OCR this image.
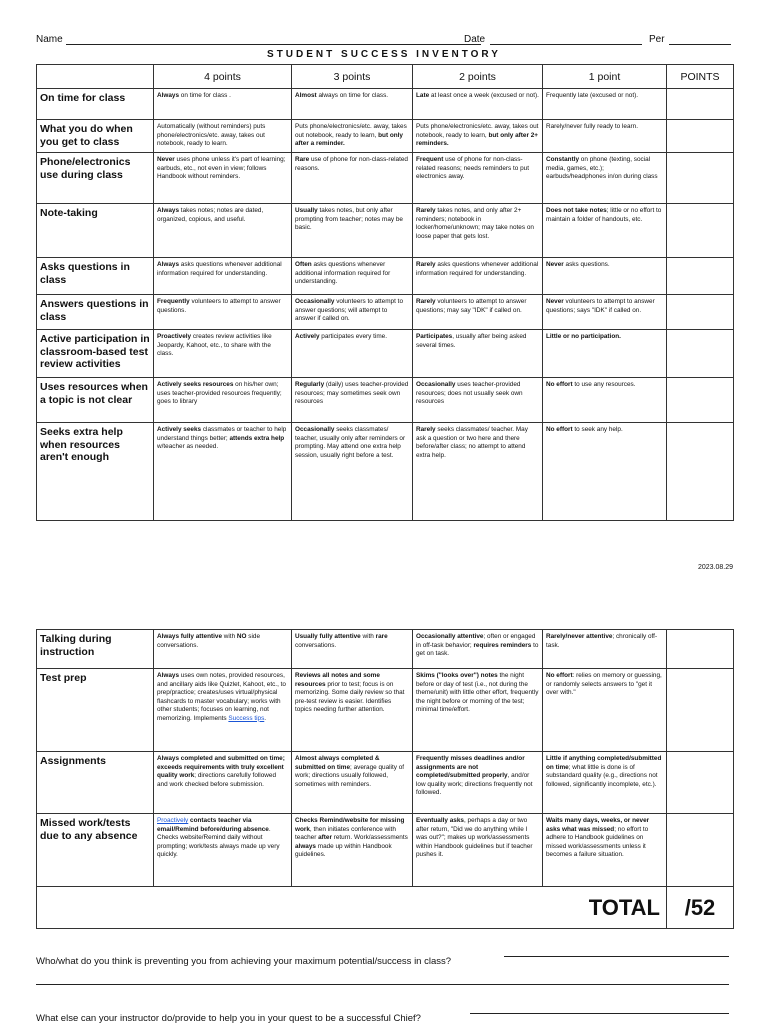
Name	Date	Per
STUDENT SUCCESS INVENTORY
	4 points	3 points	2 points	1 point	POINTS
On time for class	Always on time for class .	Almost always on time for class.	Late at least once a week (excused or not).	Frequently late (excused or not).	
What you do when you get to class	Automatically (without reminders) puts phone/electronics/etc. away, takes out notebook, ready to learn.	Puts phone/electronics/etc. away, takes out notebook, ready to learn, but only after a reminder.	Puts phone/electronics/etc. away, takes out notebook, ready to learn, but only after 2+ reminders.	Rarely/never fully ready to learn.	
Phone/electronics use during class	Never uses phone unless it's part of learning; earbuds, etc., not even in view; follows Handbook without reminders.	Rare use of phone for non-class-related reasons.	Frequent use of phone for non-class-related reasons; needs reminders to put electronics away.	Constantly on phone (texting, social media, games, etc.); earbuds/headphones in/on during class	
Note-taking	Always takes notes; notes are dated, organized, copious, and useful.	Usually takes notes, but only after prompting from teacher; notes may be basic.	Rarely takes notes, and only after 2+ reminders; notebook in locker/home/unknown; may take notes on loose paper that gets lost.	Does not take notes; little or no effort to maintain a folder of handouts, etc.	
Asks questions in class	Always asks questions whenever additional information required for understanding.	Often asks questions whenever additional information required for understanding.	Rarely asks questions whenever additional information required for understanding.	Never asks questions.	
Answers questions in class	Frequently volunteers to attempt to answer questions.	Occasionally volunteers to attempt to answer questions; will attempt to answer if called on.	Rarely volunteers to attempt to answer questions; may say "IDK" if called on.	Never volunteers to attempt to answer questions; says "IDK" if called on.	
Active participation in classroom-based test review activities	Proactively creates review activities like Jeopardy, Kahoot, etc., to share with the class.	Actively participates every time.	Participates, usually after being asked several times.	Little or no participation.	
Uses resources when a topic is not clear	Actively seeks resources on his/her own; uses teacher-provided resources frequently; goes to library	Regularly (daily) uses teacher-provided resources; may sometimes seek own resources	Occasionally uses teacher-provided resources; does not usually seek own resources	No effort to use any resources.	
Seeks extra help when resources aren't enough	Actively seeks classmates or teacher to help understand things better; attends extra help w/teacher as needed.	Occasionally seeks classmates/ teacher, usually only after reminders or prompting. May attend one extra help session, usually right before a test.	Rarely seeks classmates/ teacher. May ask a question or two here and there before/after class; no attempt to attend extra help.	No effort to seek any help.	
2023.08.29
Talking during instruction	Always fully attentive with NO side conversations.	Usually fully attentive with rare conversations.	Occasionally attentive; often or engaged in off-task behavior; requires reminders to get on task.	Rarely/never attentive; chronically off-task.	
Test prep	Always uses own notes, provided resources, and ancillary aids like Quizlet, Kahoot, etc., to prep/practice; creates/uses virtual/physical flashcards to master vocabulary; works with other students; focuses on learning, not memorizing. Implements Success tips.	Reviews all notes and some resources prior to test; focus is on memorizing. Some daily review so that pre-test review is easier. Identifies topics needing further attention.	Skims ("looks over") notes the night before or day of test (i.e., not during the theme/unit) with little other effort, frequently the night before or morning of the test; minimal time/effort.	No effort: relies on memory or guessing, or randomly selects answers to "get it over with."	
Assignments	Always completed and submitted on time; exceeds requirements with truly excellent quality work; directions carefully followed and work checked before submission.	Almost always completed & submitted on time; average quality of work; directions usually followed, sometimes with reminders.	Frequently misses deadlines and/or assignments are not completed/submitted properly, and/or low quality work; directions frequently not followed.	Little if anything completed/submitted on time; what little is done is of substandard quality (e.g., directions not followed, significantly incomplete, etc.).	
Missed work/tests due to any absence	Proactively contacts teacher via email/Remind before/during absence. Checks website/Remind daily without prompting; work/tests always made up very quickly.	Checks Remind/website for missing work, then initiates conference with teacher after return. Work/assessments always made up within Handbook guidelines.	Eventually asks, perhaps a day or two after return, "Did we do anything while I was out?"; makes up work/assessments within Handbook guidelines but if teacher pushes it.	Waits many days, weeks, or never asks what was missed; no effort to adhere to Handbook guidelines on missed work/assessments unless it becomes a failure situation.	
TOTAL					/52
Who/what do you think is preventing you from achieving your maximum potential/success in class?
What else can your instructor do/provide to help you in your quest to be a successful Chief?
